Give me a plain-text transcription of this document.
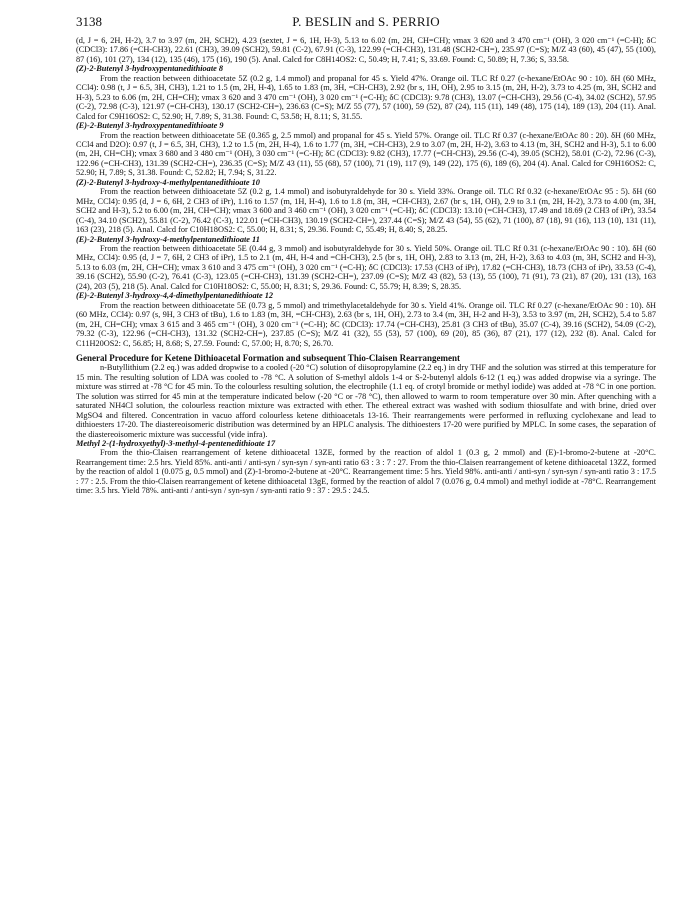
3138	P. BESLIN and S. PERRIO

(d, J = 6, 2H, H-2), 3.7 to 3.97 (m, 2H, SCH2), 4.23 (sextet, J = 6, 1H, H-3), 5.13 to 6.02 (m, 2H, CH=CH); νmax 3 620 and 3 470 cm⁻¹ (OH), 3 020 cm⁻¹ (=C-H); δC (CDCl3): 17.86 (=CH-CH3), 22.61 (CH3), 39.09 (SCH2), 59.81 (C-2), 67.91 (C-3), 122.99 (=CH-CH3), 131.48 (SCH2-CH=), 235.97 (C=S); M/Z 43 (60), 45 (47), 55 (100), 87 (16), 101 (27), 134 (12), 135 (46), 175 (16), 190 (5). Anal. Calcd for C8H14OS2: C, 50.49; H, 7.41; S, 33.69. Found: C, 50.89; H, 7.36; S, 33.58.

(Z)-2-Butenyl 3-hydroxypentanedithioate 8

From the reaction between dithioacetate 5Z (0.2 g, 1.4 mmol) and propanal for 45 s. Yield 47%. Orange oil. TLC Rf 0.27 (c-hexane/EtOAc 90 : 10). δH (60 MHz, CCl4): 0.98 (t, J = 6.5, 3H, CH3), 1.21 to 1.5 (m, 2H, H-4), 1.65 to 1.83 (m, 3H, =CH-CH3), 2.92 (br s, 1H, OH), 2.95 to 3.15 (m, 2H, H-2), 3.73 to 4.25 (m, 3H, SCH2 and H-3), 5.23 to 6.06 (m, 2H, CH=CH); νmax 3 620 and 3 470 cm⁻¹ (OH), 3 020 cm⁻¹ (=C-H); δC (CDCl3): 9.78 (CH3), 13.07 (=CH-CH3), 29.56 (C-4), 34.02 (SCH2), 57.95 (C-2), 72.98 (C-3), 121.97 (=CH-CH3), 130.17 (SCH2-CH=), 236.63 (C=S); M/Z 55 (77), 57 (100), 59 (52), 87 (24), 115 (11), 149 (48), 175 (14), 189 (13), 204 (11). Anal. Calcd for C9H16OS2: C, 52.90; H, 7.89; S, 31.38. Found: C, 53.58; H, 8.11; S, 31.55.

(E)-2-Butenyl 3-hydroxypentanedithioate 9

From the reaction between dithioacetate 5E (0.365 g, 2.5 mmol) and propanal for 45 s. Yield 57%. Orange oil. TLC Rf 0.37 (c-hexane/EtOAc 80 : 20). δH (60 MHz, CCl4 and D2O): 0.97 (t, J = 6.5, 3H, CH3), 1.2 to 1.5 (m, 2H, H-4), 1.6 to 1.77 (m, 3H, =CH-CH3), 2.9 to 3.07 (m, 2H, H-2), 3.63 to 4.13 (m, 3H, SCH2 and H-3), 5.1 to 6.00 (m, 2H, CH=CH); νmax 3 680 and 3 480 cm⁻¹ (OH), 3 030 cm⁻¹ (=C-H); δC (CDCl3): 9.82 (CH3), 17.77 (=CH-CH3), 29.56 (C-4), 39.05 (SCH2), 58.01 (C-2), 72.96 (C-3), 122.96 (=CH-CH3), 131.39 (SCH2-CH=), 236.35 (C=S); M/Z 43 (11), 55 (68), 57 (100), 71 (19), 117 (9), 149 (22), 175 (6), 189 (6), 204 (4). Anal. Calcd for C9H16OS2: C, 52.90; H, 7.89; S, 31.38. Found: C, 52.82; H, 7.94; S, 31.22.

(Z)-2-Butenyl 3-hydroxy-4-methylpentanedithioate 10

From the reaction between dithioacetate 5Z (0.2 g, 1.4 mmol) and isobutyraldehyde for 30 s. Yield 33%. Orange oil. TLC Rf 0.32 (c-hexane/EtOAc 95 : 5). δH (60 MHz, CCl4): 0.95 (d, J = 6, 6H, 2 CH3 of iPr), 1.16 to 1.57 (m, 1H, H-4), 1.6 to 1.8 (m, 3H, =CH-CH3), 2.67 (br s, 1H, OH), 2.9 to 3.1 (m, 2H, H-2), 3.73 to 4.00 (m, 3H, SCH2 and H-3), 5.2 to 6.00 (m, 2H, CH=CH); νmax 3 600 and 3 460 cm⁻¹ (OH), 3 020 cm⁻¹ (=C-H); δC (CDCl3): 13.10 (=CH-CH3), 17.49 and 18.69 (2 CH3 of iPr), 33.54 (C-4), 34.10 (SCH2), 55.81 (C-2), 76.42 (C-3), 122.01 (=CH-CH3), 130.19 (SCH2-CH=), 237.44 (C=S); M/Z 43 (54), 55 (62), 71 (100), 87 (18), 91 (16), 113 (10), 131 (11), 163 (23), 218 (5). Anal. Calcd for C10H18OS2: C, 55.00; H, 8.31; S, 29.36. Found: C, 55.49; H, 8.40; S, 28.25.

(E)-2-Butenyl 3-hydroxy-4-methylpentanedithioate 11

From the reaction between dithioacetate 5E (0.44 g, 3 mmol) and isobutyraldehyde for 30 s. Yield 50%. Orange oil. TLC Rf 0.31 (c-hexane/EtOAc 90 : 10). δH (60 MHz, CCl4): 0.95 (d, J = 7, 6H, 2 CH3 of iPr), 1.5 to 2.1 (m, 4H, H-4 and =CH-CH3), 2.5 (br s, 1H, OH), 2.83 to 3.13 (m, 2H, H-2), 3.63 to 4.03 (m, 3H, SCH2 and H-3), 5.13 to 6.03 (m, 2H, CH=CH); νmax 3 610 and 3 475 cm⁻¹ (OH), 3 020 cm⁻¹ (=C-H); δC (CDCl3): 17.53 (CH3 of iPr), 17.82 (=CH-CH3), 18.73 (CH3 of iPr), 33.53 (C-4), 39.16 (SCH2), 55.90 (C-2), 76.41 (C-3), 123.05 (=CH-CH3), 131.39 (SCH2-CH=), 237.09 (C=S); M/Z 43 (82), 53 (13), 55 (100), 71 (91), 73 (21), 87 (20), 131 (13), 163 (24), 203 (5), 218 (5). Anal. Calcd for C10H18OS2: C, 55.00; H, 8.31; S, 29.36. Found: C, 55.79; H, 8.39; S, 28.35.

(E)-2-Butenyl 3-hydroxy-4,4-dimethylpentanedithioate 12

From the reaction between dithioacetate 5E (0.73 g, 5 mmol) and trimethylacetaldehyde for 30 s. Yield 41%. Orange oil. TLC Rf 0.27 (c-hexane/EtOAc 90 : 10). δH (60 MHz, CCl4): 0.97 (s, 9H, 3 CH3 of tBu), 1.6 to 1.83 (m, 3H, =CH-CH3), 2.63 (br s, 1H, OH), 2.73 to 3.4 (m, 3H, H-2 and H-3), 3.53 to 3.97 (m, 2H, SCH2), 5.4 to 5.87 (m, 2H, CH=CH); νmax 3 615 and 3 465 cm⁻¹ (OH), 3 020 cm⁻¹ (=C-H); δC (CDCl3): 17.74 (=CH-CH3), 25.81 (3 CH3 of tBu), 35.07 (C-4), 39.16 (SCH2), 54.09 (C-2), 79.32 (C-3), 122.96 (=CH-CH3), 131.32 (SCH2-CH=), 237.85 (C=S); M/Z 41 (32), 55 (53), 57 (100), 69 (20), 85 (36), 87 (21), 177 (12), 232 (8). Anal. Calcd for C11H20OS2: C, 56.85; H, 8.68; S, 27.59. Found: C, 57.00; H, 8.70; S, 26.70.

General Procedure for Ketene Dithioacetal Formation and subsequent Thio-Claisen Rearrangement

n-Butyllithium (2.2 eq.) was added dropwise to a cooled (-20 °C) solution of diisopropylamine (2.2 eq.) in dry THF and the solution was stirred at this temperature for 15 min. The resulting solution of LDA was cooled to -78 °C. A solution of S-methyl aldols 1-4 or S-2-butenyl aldols 6-12 (1 eq.) was added dropwise via a syringe. The mixture was stirred at -78 °C for 45 min. To the colourless resulting solution, the electrophile (1.1 eq. of crotyl bromide or methyl iodide) was added at -78 °C in one portion. The solution was stirred for 45 min at the temperature indicated below (-20 °C or -78 °C), then allowed to warm to room temperature over 30 min. After quenching with a saturated NH4Cl solution, the colourless reaction mixture was extracted with ether. The ethereal extract was washed with sodium thiosulfate and with brine, dried over MgSO4 and filtered. Concentration in vacuo afford colourless ketene dithioacetals 13-16. Their rearrangements were performed in refluxing cyclohexane and lead to dithioesters 17-20. The diastereoisomeric distribution was determined by an HPLC analysis. The dithioesters 17-20 were purified by MPLC. In some cases, the separation of the diastereoisomeric mixture was successful (vide infra).

Methyl 2-(1-hydroxyethyl)-3-methyl-4-pentenedithioate 17

From the thio-Claisen rearrangement of ketene dithioacetal 13ZE, formed by the reaction of aldol 1 (0.3 g, 2 mmol) and (E)-1-bromo-2-butene at -20°C. Rearrangement time: 2.5 hrs. Yield 85%. anti-anti / anti-syn / syn-syn / syn-anti ratio 63 : 3 : 7 : 27. From the thio-Claisen rearrangement of ketene dithioacetal 13ZZ, formed by the reaction of aldol 1 (0.075 g, 0.5 mmol) and (Z)-1-bromo-2-butene at -20°C. Rearrangement time: 5 hrs. Yield 98%. anti-anti / anti-syn / syn-syn / syn-anti ratio 3 : 17.5 : 77 : 2.5. From the thio-Claisen rearrangement of ketene dithioacetal 13gE, formed by the reaction of aldol 7 (0.076 g, 0.4 mmol) and methyl iodide at -78°C. Rearrangement time: 3.5 hrs. Yield 78%. anti-anti / anti-syn / syn-syn / syn-anti ratio 9 : 37 : 29.5 : 24.5.
